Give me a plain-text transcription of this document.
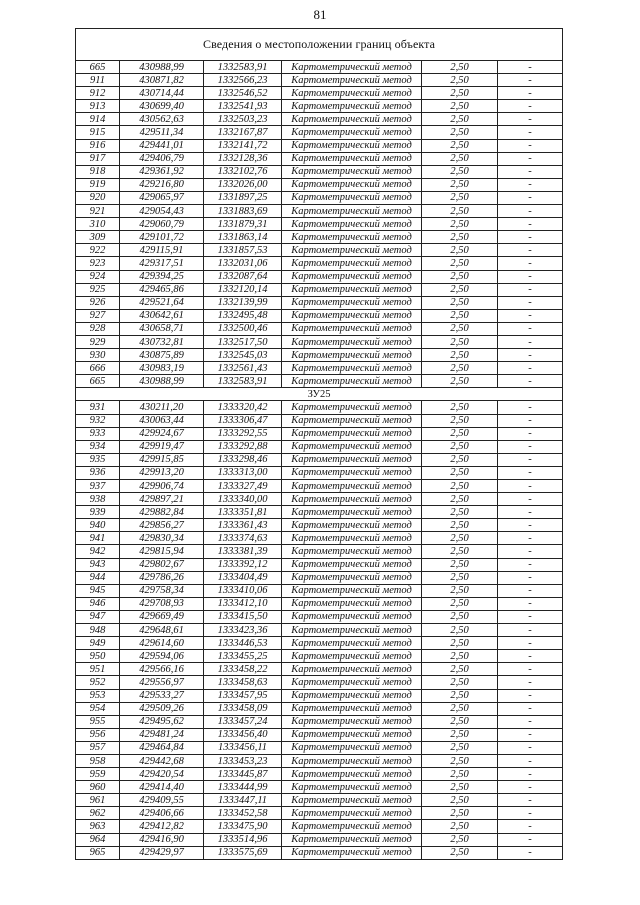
81
Сведения о местоположении границ объекта					
665	430988,99	1332583,91	Картометрический метод	2,50	-
911	430871,82	1332566,23	Картометрический метод	2,50	-
912	430714,44	1332546,52	Картометрический метод	2,50	-
913	430699,40	1332541,93	Картометрический метод	2,50	-
914	430562,63	1332503,23	Картометрический метод	2,50	-
915	429511,34	1332167,87	Картометрический метод	2,50	-
916	429441,01	1332141,72	Картометрический метод	2,50	-
917	429406,79	1332128,36	Картометрический метод	2,50	-
918	429361,92	1332102,76	Картометрический метод	2,50	-
919	429216,80	1332026,00	Картометрический метод	2,50	-
920	429065,97	1331897,25	Картометрический метод	2,50	-
921	429054,43	1331883,69	Картометрический метод	2,50	-
310	429060,79	1331879,31	Картометрический метод	2,50	-
309	429101,72	1331863,14	Картометрический метод	2,50	-
922	429115,91	1331857,53	Картометрический метод	2,50	-
923	429317,51	1332031,06	Картометрический метод	2,50	-
924	429394,25	1332087,64	Картометрический метод	2,50	-
925	429465,86	1332120,14	Картометрический метод	2,50	-
926	429521,64	1332139,99	Картометрический метод	2,50	-
927	430642,61	1332495,48	Картометрический метод	2,50	-
928	430658,71	1332500,46	Картометрический метод	2,50	-
929	430732,81	1332517,50	Картометрический метод	2,50	-
930	430875,89	1332545,03	Картометрический метод	2,50	-
666	430983,19	1332561,43	Картометрический метод	2,50	-
665	430988,99	1332583,91	Картометрический метод	2,50	-
ЗУ25					
931	430211,20	1333320,42	Картометрический метод	2,50	-
932	430063,44	1333306,47	Картометрический метод	2,50	-
933	429924,67	1333292,55	Картометрический метод	2,50	-
934	429919,47	1333292,88	Картометрический метод	2,50	-
935	429915,85	1333298,46	Картометрический метод	2,50	-
936	429913,20	1333313,00	Картометрический метод	2,50	-
937	429906,74	1333327,49	Картометрический метод	2,50	-
938	429897,21	1333340,00	Картометрический метод	2,50	-
939	429882,84	1333351,81	Картометрический метод	2,50	-
940	429856,27	1333361,43	Картометрический метод	2,50	-
941	429830,34	1333374,63	Картометрический метод	2,50	-
942	429815,94	1333381,39	Картометрический метод	2,50	-
943	429802,67	1333392,12	Картометрический метод	2,50	-
944	429786,26	1333404,49	Картометрический метод	2,50	-
945	429758,34	1333410,06	Картометрический метод	2,50	-
946	429708,93	1333412,10	Картометрический метод	2,50	-
947	429669,49	1333415,50	Картометрический метод	2,50	-
948	429648,61	1333423,36	Картометрический метод	2,50	-
949	429614,60	1333446,53	Картометрический метод	2,50	-
950	429594,06	1333455,25	Картометрический метод	2,50	-
951	429566,16	1333458,22	Картометрический метод	2,50	-
952	429556,97	1333458,63	Картометрический метод	2,50	-
953	429533,27	1333457,95	Картометрический метод	2,50	-
954	429509,26	1333458,09	Картометрический метод	2,50	-
955	429495,62	1333457,24	Картометрический метод	2,50	-
956	429481,24	1333456,40	Картометрический метод	2,50	-
957	429464,84	1333456,11	Картометрический метод	2,50	-
958	429442,68	1333453,23	Картометрический метод	2,50	-
959	429420,54	1333445,87	Картометрический метод	2,50	-
960	429414,40	1333444,99	Картометрический метод	2,50	-
961	429409,55	1333447,11	Картометрический метод	2,50	-
962	429406,66	1333452,58	Картометрический метод	2,50	-
963	429412,82	1333475,90	Картометрический метод	2,50	-
964	429416,90	1333514,96	Картометрический метод	2,50	-
965	429429,97	1333575,69	Картометрический метод	2,50	-
